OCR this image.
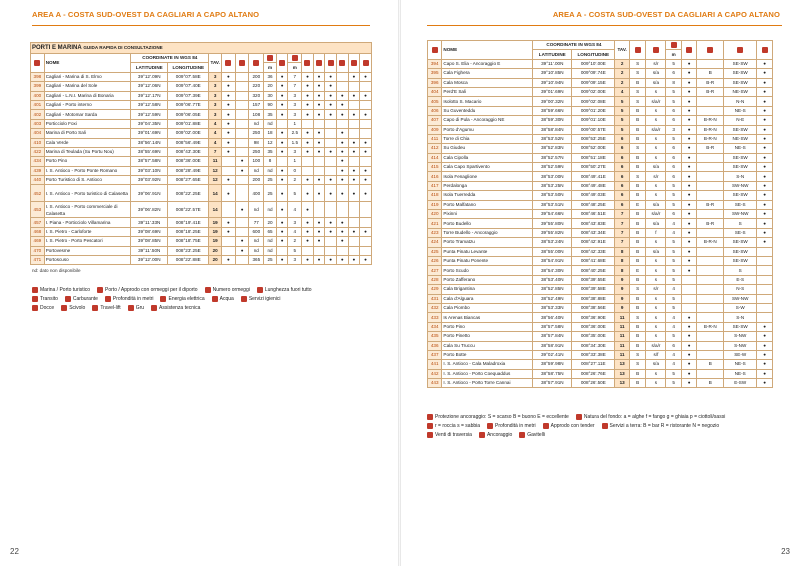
AREA A - COSTA SUD-OVEST DA CAGLIARI A CAPO ALTANO
PORTI E MARINA GUIDA RAPIDA DI CONSULTAZIONE																
	NOME	COORDINATE IN WGS 84		TAV.												
		LATITUDINE	LONGITUDINE					m		m						
398	Cagliari - Marina di S. Elmo	39°12'.09N	009°07'.58E	3	●		200	36	●	7	●	●	●		●	●
399	Cagliari - Marina del Sole	39°12'.06N	009°07'.40E	3	●		220	20	●	7	●	●	●			
400	Cagliari - L.N.I. Marina di Bonaria	39°12'.17N	009°07'.39E	3	●		320	30	●	3	●	●	●	●	●	●
401	Cagliari - Porto interno	39°12'.58N	009°06'.77E	3	●		157	90	●	3	●	●	●	●		
402	Cagliari - Motomar Sarda	39°12'.59N	009°06'.05E	3	●		108	35	●	3	●	●	●	●	●	●
403	Porticciolo Foxi	39°04'.35N	009°01'.88E	4	●		nd	nd		1						
404	Marina di Porto Sali	39°01'.69N	009°02'.00E	4	●		250	18	●	2.5	●	●		●		
410	Cala Verde	38°56'.14N	008°56'.49E	4	●		98	12	●	1.5	●	●		●	●	●
422	Marina di Teulada (Su Portu Nou)	38°55'.69N	008°43'.30E	7	●		250	35	●	3	●	●	●	●	●	●
434	Porto Pino	38°57'.58N	008°36'.00E	11		●	100	8		1				●		
439	I. S. Antioco - Porto Ponte Romano	39°03'.10N	008°28'.49E	12		●	nd	nd	●	0				●	●	●
440	Porto Turistico di S. Antioco	39°03'.92N	008°27'.65E	12	●		200	25	●	2	●	●	●	●	●	●
452	I. S. Antioco - Porto turistico di Calasetta	39°06'.91N	008°22'.25E	14	●		400	25	●	5	●	●	●	●	●	●
453	I. S. Antioco - Porto commerciale di Calasetta	39°06'.82N	008°22'.57E	14		●	nd	nd	●	4	●					
457	I. Piana - Porticciolo Villamarina	39°11'.33N	008°19'.41E	19	●		77	20	●	3	●	●	●	●		
468	I. S. Pietro - Carloforte	39°08'.69N	008°18'.25E	19	●		600	65	●	4	●	●	●	●	●	●
469	I. S. Pietro - Porto Pescatori	39°08'.85N	008°18'.75E	19		●	nd	nd	●	2	●	●		●		
470	Portovesme	39°11'.50N	008°23'.25E	20		●	nd	nd		5						
471	Portoscuso	39°12'.00N	008°22'.88E	20	●		365	25	●	3	●	●	●	●	●	●
nd: dato non disponibile
Marina / Porto turistico	Porto / Approdo con ormeggi per il diporto	Numero ormeggi	Lunghezza fuori tutto
Transito	Carburante	Profondità in metri	Energia elettrica	Acqua	Servizi igienici
Docce	Scivolo	Travel-lift	Gru	Assistenza tecnica
22
AREA A - COSTA SUD-OVEST DA CAGLIARI A CAPO ALTANO
	NOME	COORDINATE IN WGS 84		TAV.							
		LATITUDINE	LONGITUDINE				m				
394	Capo S. Elia - Ancoraggio E	39°11'.00N	009°10'.00E	2	S	s/r	5	●		SE-SW	●
395	Cala Fighera	39°10'.85N	009°09'.74E	2	S	s/a	6	●	B	SE-SW	●
396	Cala Mosca	39°10'.94N	009°09'.15E	2	B	s/a	8	●	B-R	SE-SW	●
404	Perd'E Sali	39°01'.69N	009°02'.00E	4	S	s	5	●	B-R	NE-SW	●
405	Isolotto S. Macario	39°00'.32N	009°02'.08E	5	S	s/a/r	5	●		N-N	●
406	Su Guventeddu	38°59'.66N	009°01'.20E	5	B	s	6	●		NE-S	●
407	Capo di Pula - Ancoraggio NE	38°59'.30N	009°01'.10E	5	B	s	6	●	B-R-N	N-E	●
409	Porto d'Agumu	38°58'.84N	009°00'.57E	5	B	s/a/r	3	●	B-R-N	SE-SW	●
411	Torre di Chia	38°53'.52N	008°53'.25E	6	B	s	5	●	B-R-N	NE-SW	●
412	Su Giudeu	38°52'.83N	008°52'.00E	6	S	s	6	●	B-R	NE-S	●
414	Cala Cipolla	38°52'.57N	008°51'.18E	6	B	s	6	●		SE-SW	●
415	Cala Capo Spartivento	38°52'.59N	008°50'.27E	6	B	s/a	6	●		SE-SW	●
416	Isola Fenaglione	38°53'.00N	008°49'.41E	6	S	s/r	6	●		S-N	●
417	Perdalonga	38°53'.25N	008°49'.48E	6	B	s	5	●		SW-NW	●
418	Isola Tuerredda	38°53'.50N	008°49'.03E	6	B	s	5	●		SE-SW	●
419	Porto Malfatano	38°53'.51N	008°48'.25E	6	E	s/a	5	●	B-R	SE-S	●
420	Pixinni	39°54'.66N	008°46'.51E	7	B	s/a/r	6	●		SW-NW	●
421	Porto Budello	39°55'.80N	008°43'.83E	7	B	s/a	4	●	B-R	S	●
423	Torre Budello - Ancoraggio	39°55'.82N	008°43'.34E	7	B	f	4	●		SE-S	●
424	Porto Tramatzu	38°53'.24N	008°42'.91E	7	B	s	5	●	B-R-N	SE-SW	●
425	Punta Pinatu Levante	38°55'.00N	008°42'.33E	8	B	s/a	5	●		SE-SW	
426	Punta Pinatu Ponente	38°54'.91N	008°41'.68E	8	B	s	5	●		SE-SW	
427	Porto Scudo	38°54'.30N	008°40'.25E	8	E	s	5	●		S	
428	Porto Zafferano	38°53'.40N	008°39'.55E	9	B	s	5			E-S	
429	Cala Brigantina	38°52'.85N	008°39'.58E	9	S	s/r	4			N-S	
431	Cala d'Alguara	38°52'.49N	008°38'.88E	9	B	s	5			SW-NW	
432	Cala Piombo	38°53'.33N	008°38'.56E	9	B	s	5			S-W	
433	Is Arenas Biancas	38°56'.40N	008°36'.90E	11	S	s	4	●		S-N	
434	Porto Pino	38°57'.58N	008°36'.00E	11	B	s	4	●	B-R-N	SE-SW	●
435	Porto Pinetto	38°57'.84N	008°35'.00E	11	B	s	5	●		S-NW	●
436	Cala Su Truccu	38°58'.91N	008°34'.30E	11	B	s/a/r	6	●		S-NW	●
437	Porto Botte	39°02'.41N	008°33'.38E	11	S	s/f	4	●		SE-W	●
441	I. S. Antioco - Cala Maladroxia	38°59'.98N	008°27'.11E	13	S	s/a	4	●	B	NE-S	●
442	I. S. Antioco - Porto Coequaddus	38°58'.75N	008°26'.76E	13	B	s	5	●		NE-S	●
443	I. S. Antioco - Porto Torre Cannai	38°57'.91N	008°26'.50E	13	B	s	5	●	B	E-SW	●
Protezione ancoraggio: S = scarso B = buono E = eccellente	Natura del fondo: a = alghe f = fango g = ghiaia p = ciottoli/sassi
r = roccia s = sabbia	Profondità in metri	Approdo con tender	Servizi a terra: B = bar R = ristorante N = negozio
Venti di traversia	Ancoraggio	Gavitelli
23
